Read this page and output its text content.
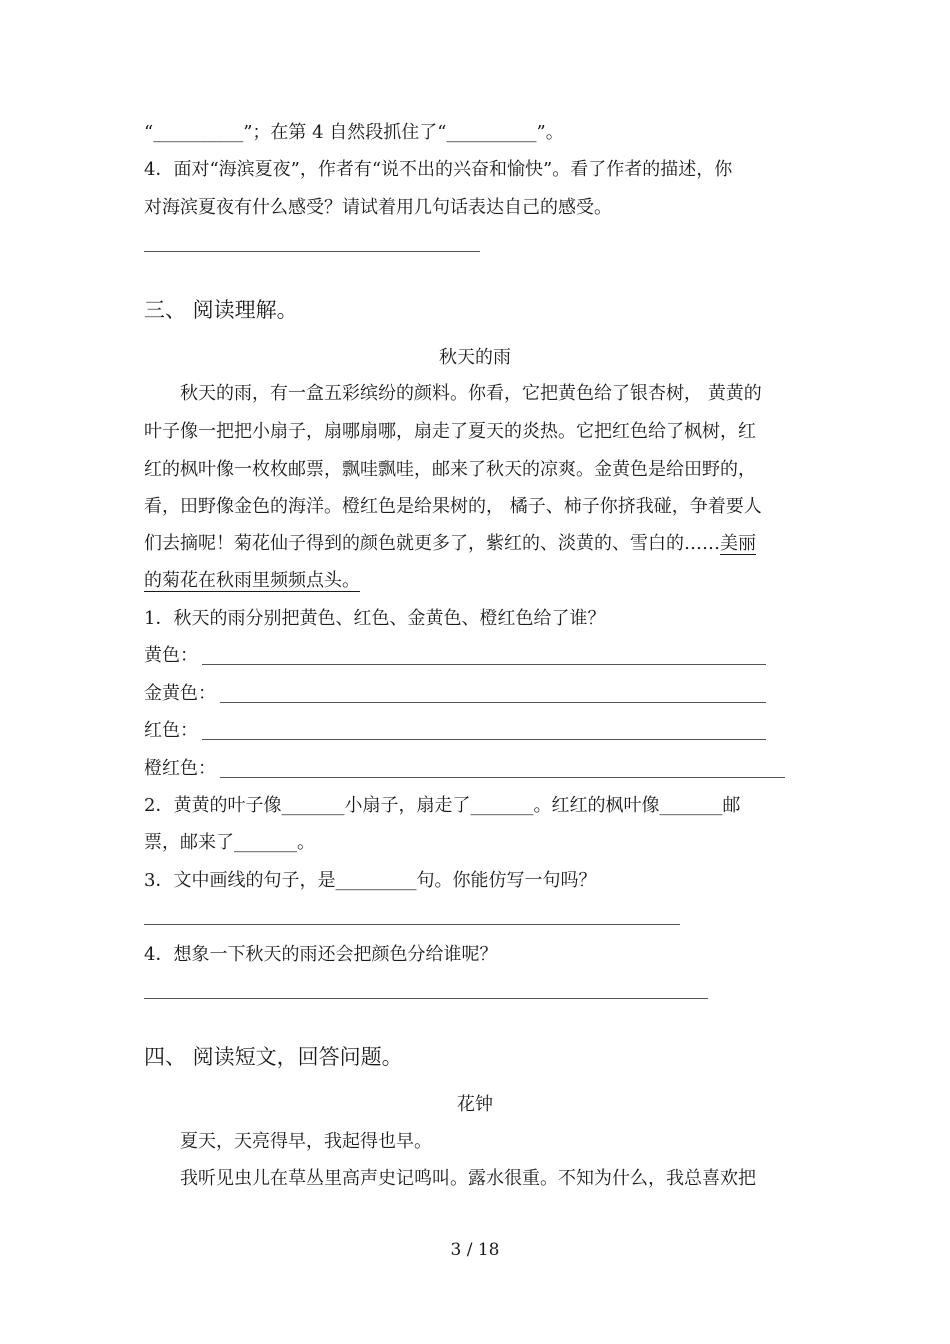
“__________”；在第 4 自然段抓住了“__________”。
4．面对“海滨夏夜”，作者有“说不出的兴奋和愉快”。看了作者的描述，你
对海滨夏夜有什么感受？请试着用几句话表达自己的感受。
三、 阅读理解。
秋天的雨
秋天的雨，有一盒五彩缤纷的颜料。你看，它把黄色给了银杏树， 黄黄的
叶子像一把把小扇子，扇哪扇哪，扇走了夏天的炎热。它把红色给了枫树，红
红的枫叶像一枚枚邮票，飘哇飘哇，邮来了秋天的凉爽。金黄色是给田野的，
看，田野像金色的海洋。橙红色是给果树的， 橘子、柿子你挤我碰，争着要人
们去摘呢！菊花仙子得到的颜色就更多了，紫红的、淡黄的、雪白的……美丽
的菊花在秋雨里频频点头。
1．秋天的雨分别把黄色、红色、金黄色、橙红色给了谁？
黄色：
金黄色：
红色：
橙红色：
2．黄黄的叶子像_______小扇子，扇走了_______。红红的枫叶像_______邮
票，邮来了_______。
3．文中画线的句子，是_________句。你能仿写一句吗？
4．想象一下秋天的雨还会把颜色分给谁呢？
四、 阅读短文，回答问题。
花钟
夏天，天亮得早，我起得也早。
我听见虫儿在草丛里高声史记鸣叫。露水很重。不知为什么，我总喜欢把
3 / 18
